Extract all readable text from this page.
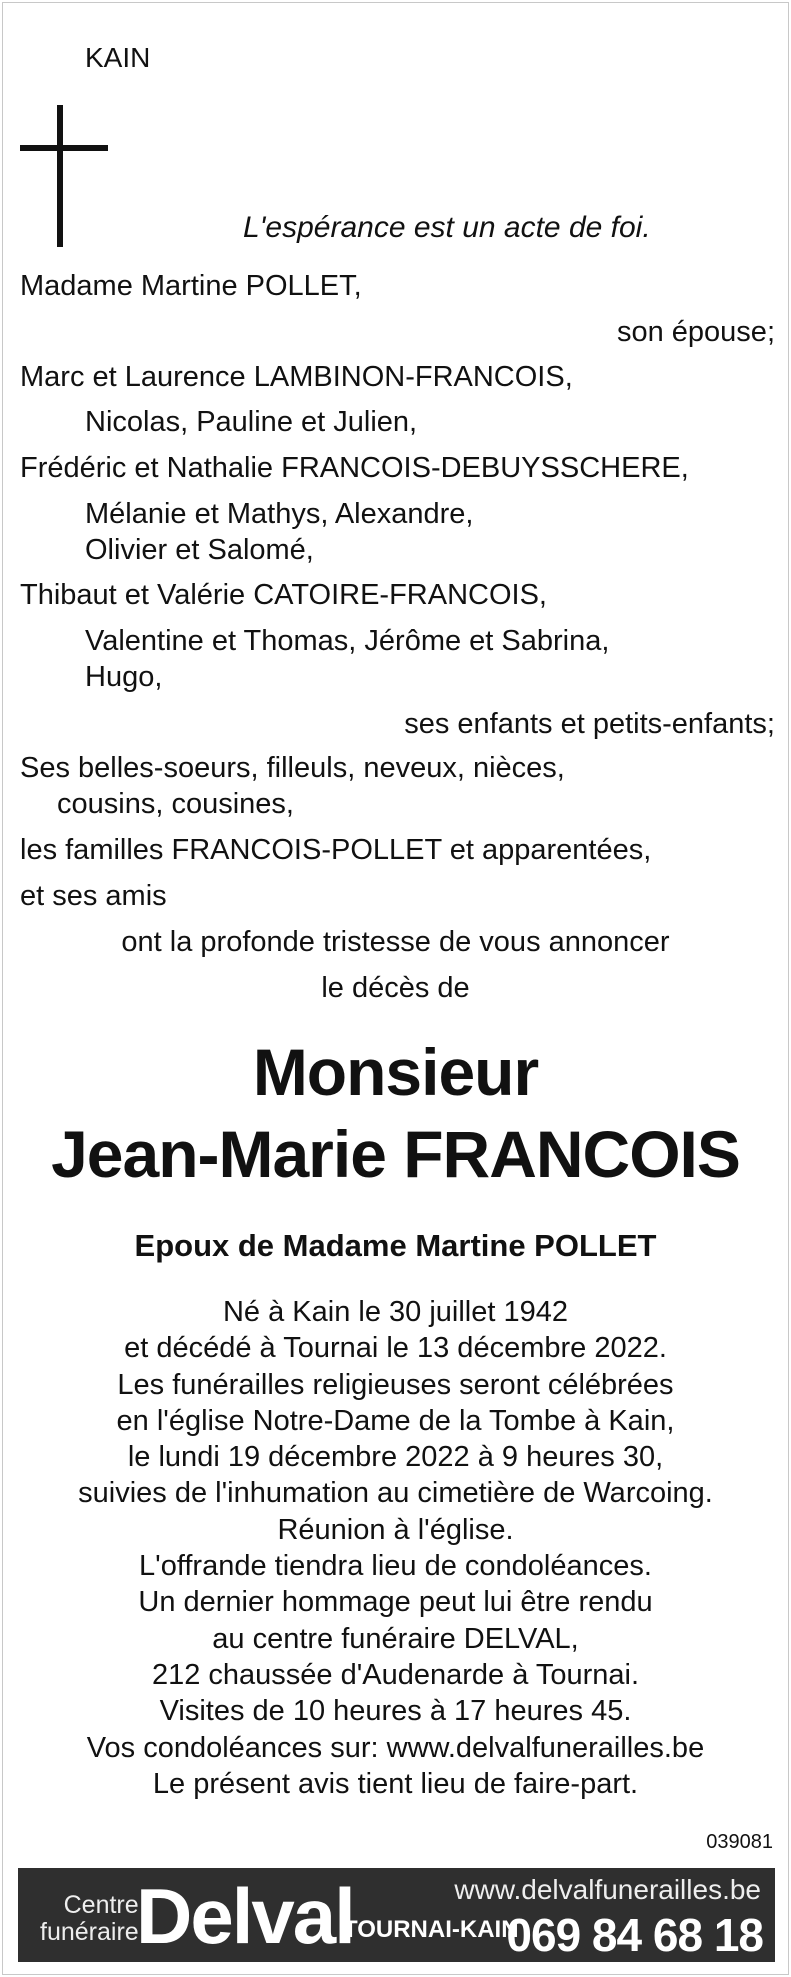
KAIN
L'espérance est un acte de foi.
Madame Martine POLLET,
son épouse;
Marc et Laurence LAMBINON-FRANCOIS,
Nicolas, Pauline et Julien,
Frédéric et Nathalie FRANCOIS-DEBUYSSCHERE,
Mélanie et Mathys, Alexandre,
Olivier et Salomé,
Thibaut et Valérie CATOIRE-FRANCOIS,
Valentine et Thomas, Jérôme et Sabrina,
Hugo,
ses enfants et petits-enfants;
Ses belles-soeurs, filleuls, neveux, nièces,
cousins, cousines,
les familles FRANCOIS-POLLET et apparentées,
et ses amis
ont la profonde tristesse de vous annoncer
le décès de
Monsieur
Jean-Marie FRANCOIS
Epoux de Madame Martine POLLET
Né à Kain le 30 juillet 1942
et décédé à Tournai le 13 décembre 2022.
Les funérailles religieuses seront célébrées
en l'église Notre-Dame de la Tombe à Kain,
le lundi 19 décembre 2022 à 9 heures 30,
suivies de l'inhumation au cimetière de Warcoing.
Réunion à l'église.
L'offrande tiendra lieu de condoléances.
Un dernier hommage peut lui être rendu
au centre funéraire DELVAL,
212 chaussée d'Audenarde à Tournai.
Visites de 10 heures à 17 heures 45.
Vos condoléances sur: www.delvalfunerailles.be
Le présent avis tient lieu de faire-part.
039081
Centre
funéraire
Delval	www.delvalfunerailles.be
TOURNAI-KAIN
069 84 68 18
